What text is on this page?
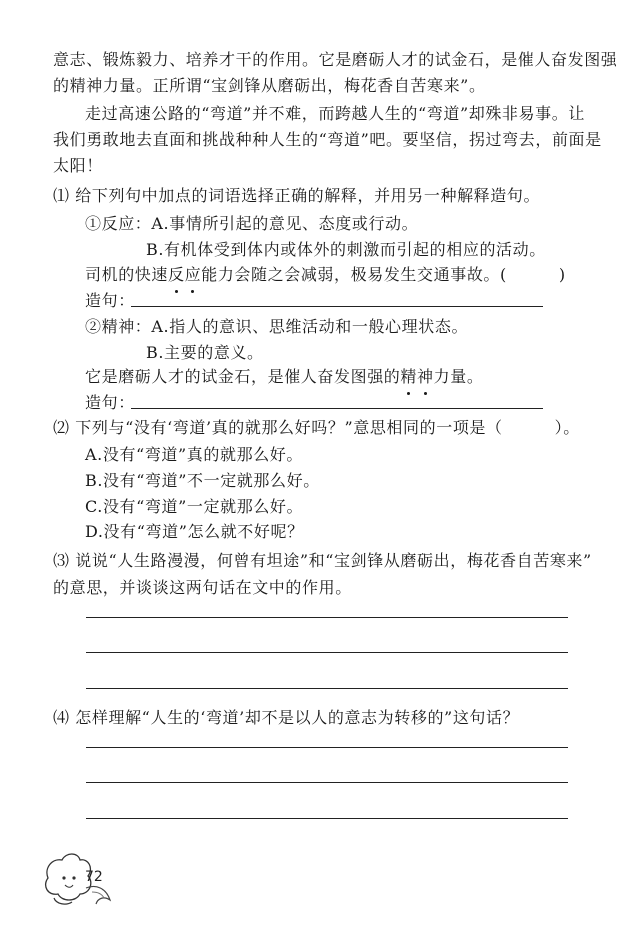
意志、锻炼毅力、培养才干的作用。它是磨砺人才的试金石，是催人奋发图强
的精神力量。正所谓“宝剑锋从磨砺出，梅花香自苦寒来”。
走过高速公路的“弯道”并不难，而跨越人生的“弯道”却殊非易事。让
我们勇敢地去直面和挑战种种人生的“弯道”吧。要坚信，拐过弯去，前面是
太阳！
⑴ 给下列句中加点的词语选择正确的解释，并用另一种解释造句。
①反应：A.事情所引起的意见、态度或行动。
B.有机体受到体内或体外的刺激而引起的相应的活动。
司机的快速反应能力会随之会减弱，极易发生交通事故。(	)
造句：
②精神：A.指人的意识、思维活动和一般心理状态。
B.主要的意义。
它是磨砺人才的试金石，是催人奋发图强的精神力量。
造句：
⑵ 下列与“没有‘弯道’真的就那么好吗？”意思相同的一项是（	）。
A.没有“弯道”真的就那么好。
B.没有“弯道”不一定就那么好。
C.没有“弯道”一定就那么好。
D.没有“弯道”怎么就不好呢？
⑶ 说说“人生路漫漫，何曾有坦途”和“宝剑锋从磨砺出，梅花香自苦寒来”
的意思，并谈谈这两句话在文中的作用。
⑷ 怎样理解“人生的‘弯道’却不是以人的意志为转移的”这句话？
72
